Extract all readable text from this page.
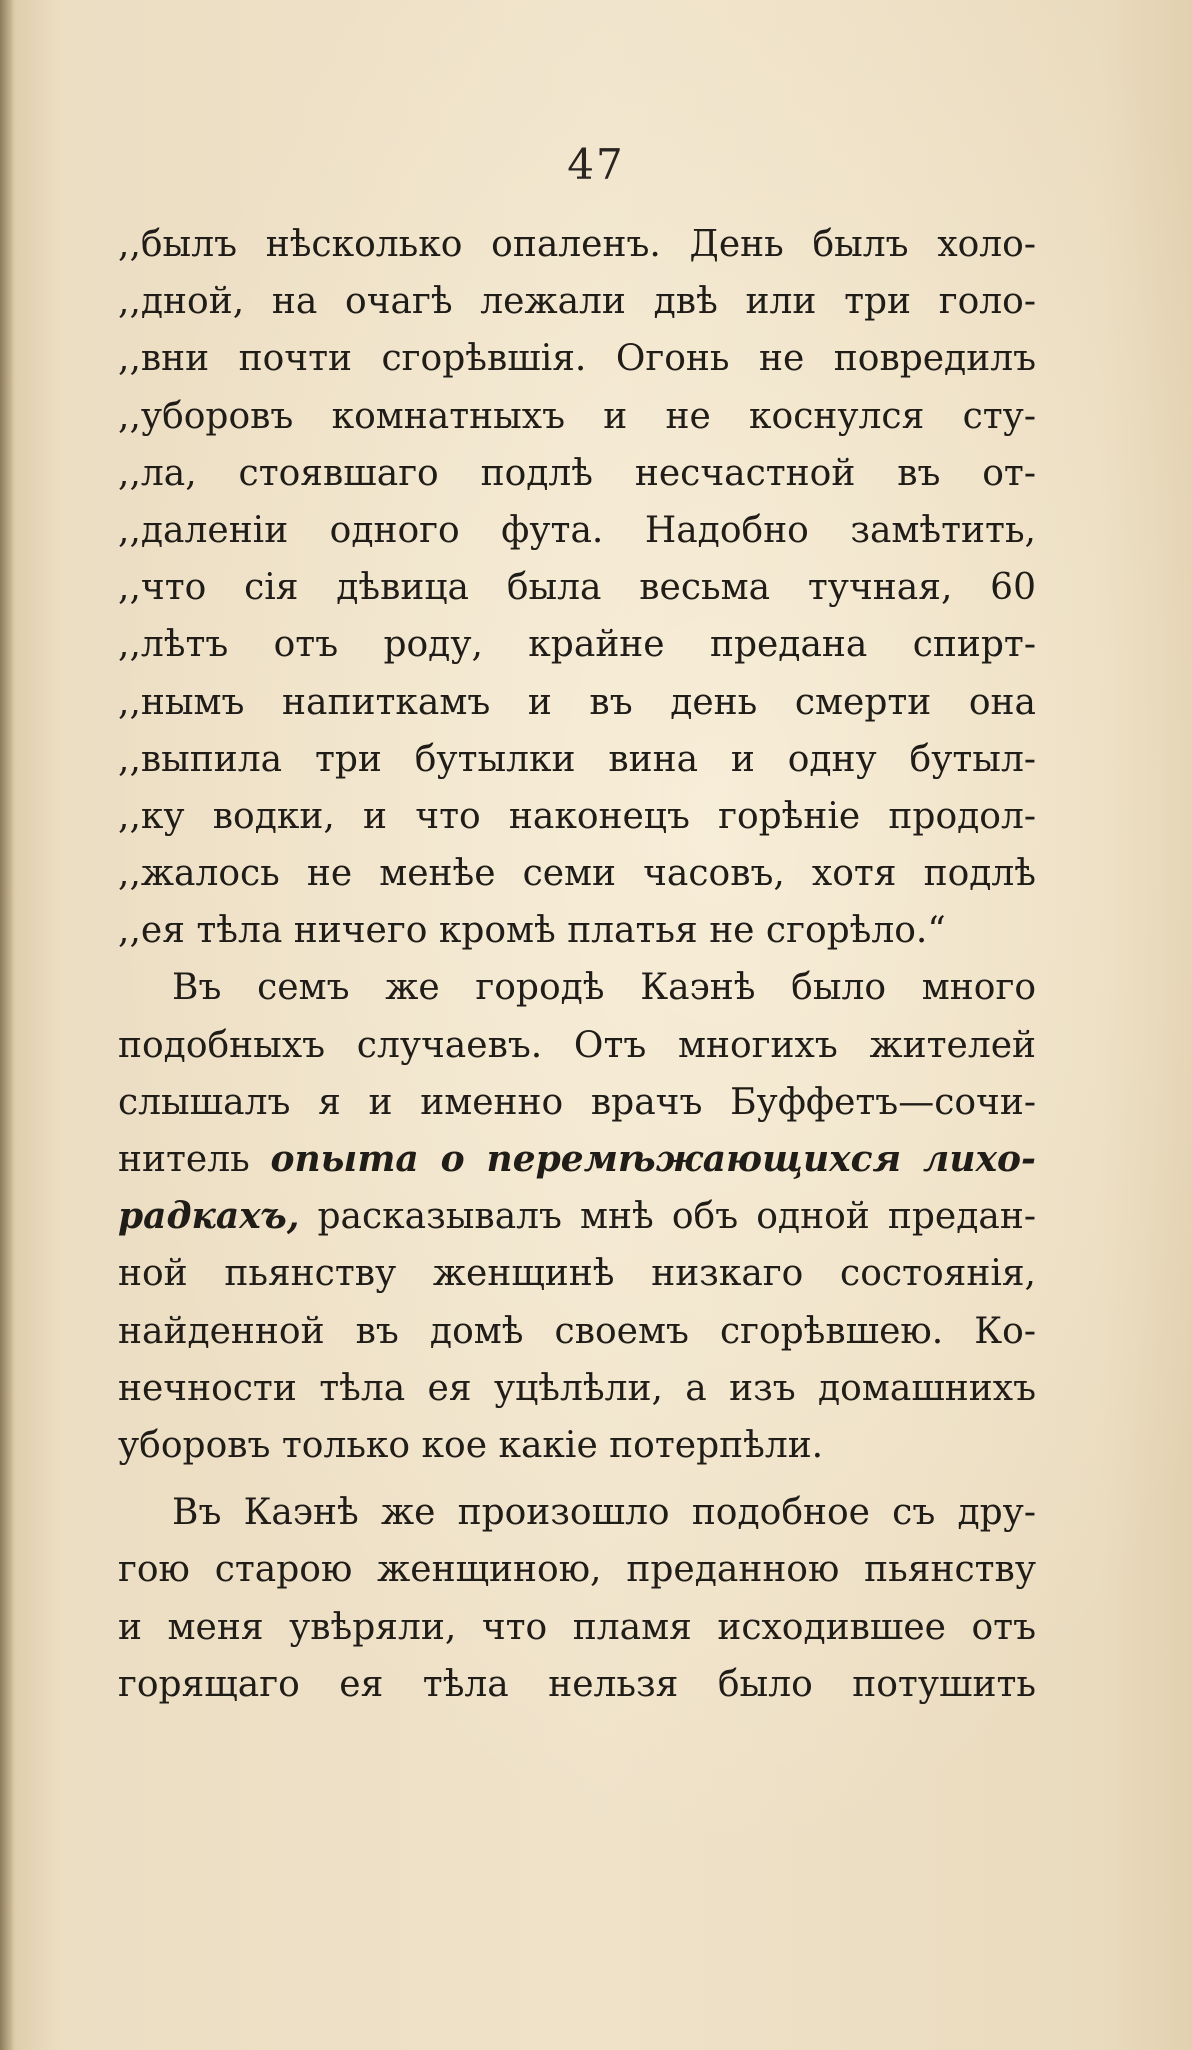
47
,,былъ нѣсколько опаленъ. День былъ холо-
,,дной, на очагѣ лежали двѣ или три голо-
,,вни почти сгорѣвшія. Огонь не повредилъ
,,уборовъ комнатныхъ и не коснулся сту-
,,ла, стоявшаго подлѣ несчастной въ от-
,,даленіи одного фута. Надобно замѣтить,
,,что сія дѣвица была весьма тучная, 60
,,лѣтъ отъ роду, крайне предана спирт-
,,нымъ напиткамъ и въ день смерти она
,,выпила три бутылки вина и одну бутыл-
,,ку водки, и что наконецъ горѣніе продол-
,,жалось не менѣе семи часовъ, хотя подлѣ
,,ея тѣла ничего кромѣ платья не сгорѣло.“
Въ семъ же городѣ Каэнѣ было много
подобныхъ случаевъ. Отъ многихъ жителей
слышалъ я и именно врачъ Буффетъ—сочи-
нитель опыта о перемѣжающихся лихо-
радкахъ, расказывалъ мнѣ объ одной предан-
ной пьянству женщинѣ низкаго состоянія,
найденной въ домѣ своемъ сгорѣвшею. Ко-
нечности тѣла ея уцѣлѣли, а изъ домашнихъ
уборовъ только кое какіе потерпѣли.
Въ Каэнѣ же произошло подобное съ дру-
гою старою женщиною, преданною пьянству
и меня увѣряли, что пламя исходившее отъ
горящаго ея тѣла нельзя было потушить
